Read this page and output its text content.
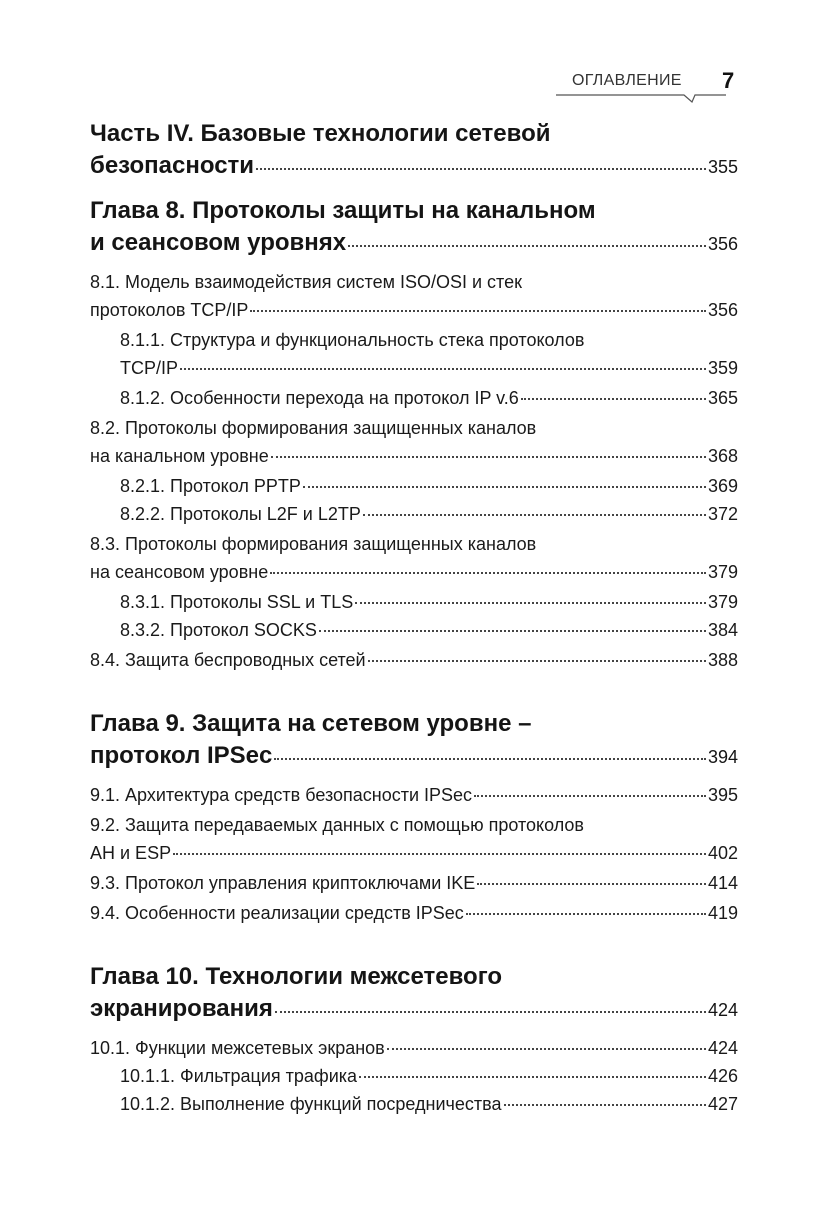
ОГЛАВЛЕНИЕ 7
Часть IV. Базовые технологии сетевой
безопасности	355
Глава 8. Протоколы защиты на канальном
и сеансовом уровнях	356
8.1. Модель взаимодействия систем ISO/OSI и стек
протоколов TCP/IP	356
8.1.1. Структура и функциональность стека протоколов
TCP/IP	359
8.1.2. Особенности перехода на протокол IP v.6	365
8.2. Протоколы формирования защищенных каналов
на канальном уровне	368
8.2.1. Протокол PPTP	369
8.2.2. Протоколы L2F и L2TP	372
8.3. Протоколы формирования защищенных каналов
на сеансовом уровне	379
8.3.1. Протоколы SSL и TLS	379
8.3.2. Протокол SOCKS	384
8.4. Защита беспроводных сетей	388
Глава 9. Защита на сетевом уровне –
протокол IPSec	394
9.1. Архитектура средств безопасности IPSec	395
9.2. Защита передаваемых данных с помощью протоколов
AH и ESP	402
9.3. Протокол управления криптоключами IKE	414
9.4. Особенности реализации средств IPSec	419
Глава 10. Технологии межсетевого
экранирования	424
10.1. Функции межсетевых экранов	424
10.1.1. Фильтрация трафика	426
10.1.2. Выполнение функций посредничества	427
